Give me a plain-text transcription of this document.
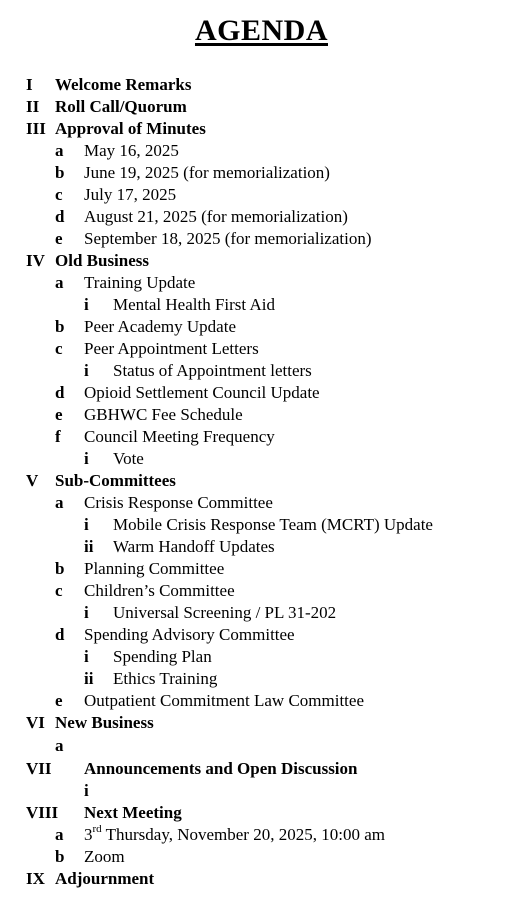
AGENDA
I Welcome Remarks
II Roll Call/Quorum
III Approval of Minutes
a May 16, 2025
b June 19, 2025 (for memorialization)
c July 17, 2025
d August 21, 2025 (for memorialization)
e September 18, 2025 (for memorialization)
IV Old Business
a Training Update
i Mental Health First Aid
b Peer Academy Update
c Peer Appointment Letters
i Status of Appointment letters
d Opioid Settlement Council Update
e GBHWC Fee Schedule
f Council Meeting Frequency
i Vote
V Sub-Committees
a Crisis Response Committee
i Mobile Crisis Response Team (MCRT) Update
ii Warm Handoff Updates
b Planning Committee
c Children’s Committee
i Universal Screening / PL 31-202
d Spending Advisory Committee
i Spending Plan
ii Ethics Training
e Outpatient Commitment Law Committee
VI New Business
a
VII Announcements and Open Discussion
i
VIII Next Meeting
a 3rd Thursday, November 20, 2025, 10:00 am
b Zoom
IX Adjournment
